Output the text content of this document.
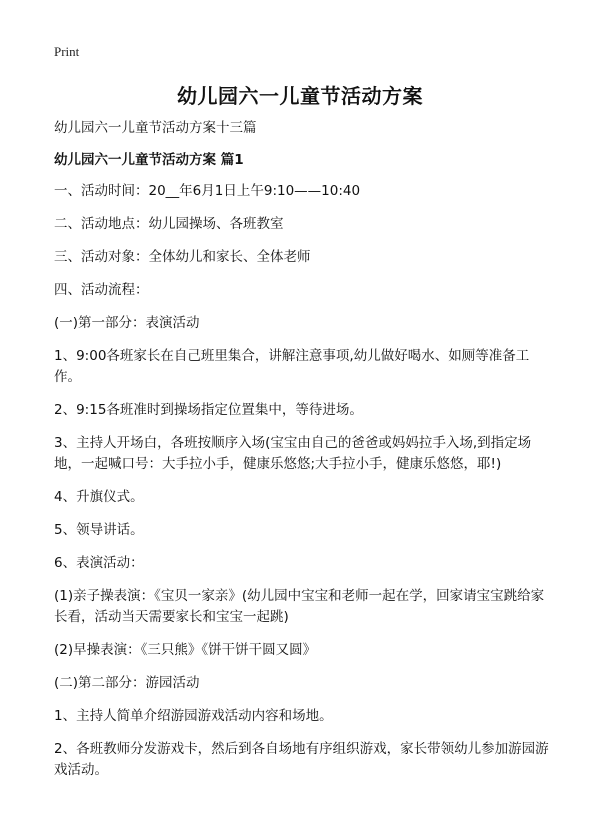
Print
幼儿园六一儿童节活动方案

幼儿园六一儿童节活动方案十三篇

幼儿园六一儿童节活动方案 篇1

一、活动时间：20__年6月1日上午9:10——10:40

二、活动地点：幼儿园操场、各班教室

三、活动对象：全体幼儿和家长、全体老师

四、活动流程：

(一)第一部分：表演活动

1、9:00各班家长在自己班里集合，讲解注意事项,幼儿做好喝水、如厕等准备工作。

2、9:15各班准时到操场指定位置集中，等待进场。

3、主持人开场白，各班按顺序入场(宝宝由自己的爸爸或妈妈拉手入场,到指定场地，一起喊口号：大手拉小手，健康乐悠悠;大手拉小手，健康乐悠悠，耶!)

4、升旗仪式。

5、领导讲话。

6、表演活动：

(1)亲子操表演：《宝贝一家亲》(幼儿园中宝宝和老师一起在学，回家请宝宝跳给家长看，活动当天需要家长和宝宝一起跳)

(2)早操表演：《三只熊》《饼干饼干圆又圆》

(二)第二部分：游园活动

1、主持人简单介绍游园游戏活动内容和场地。

2、各班教师分发游戏卡，然后到各自场地有序组织游戏，家长带领幼儿参加游园游戏活动。
